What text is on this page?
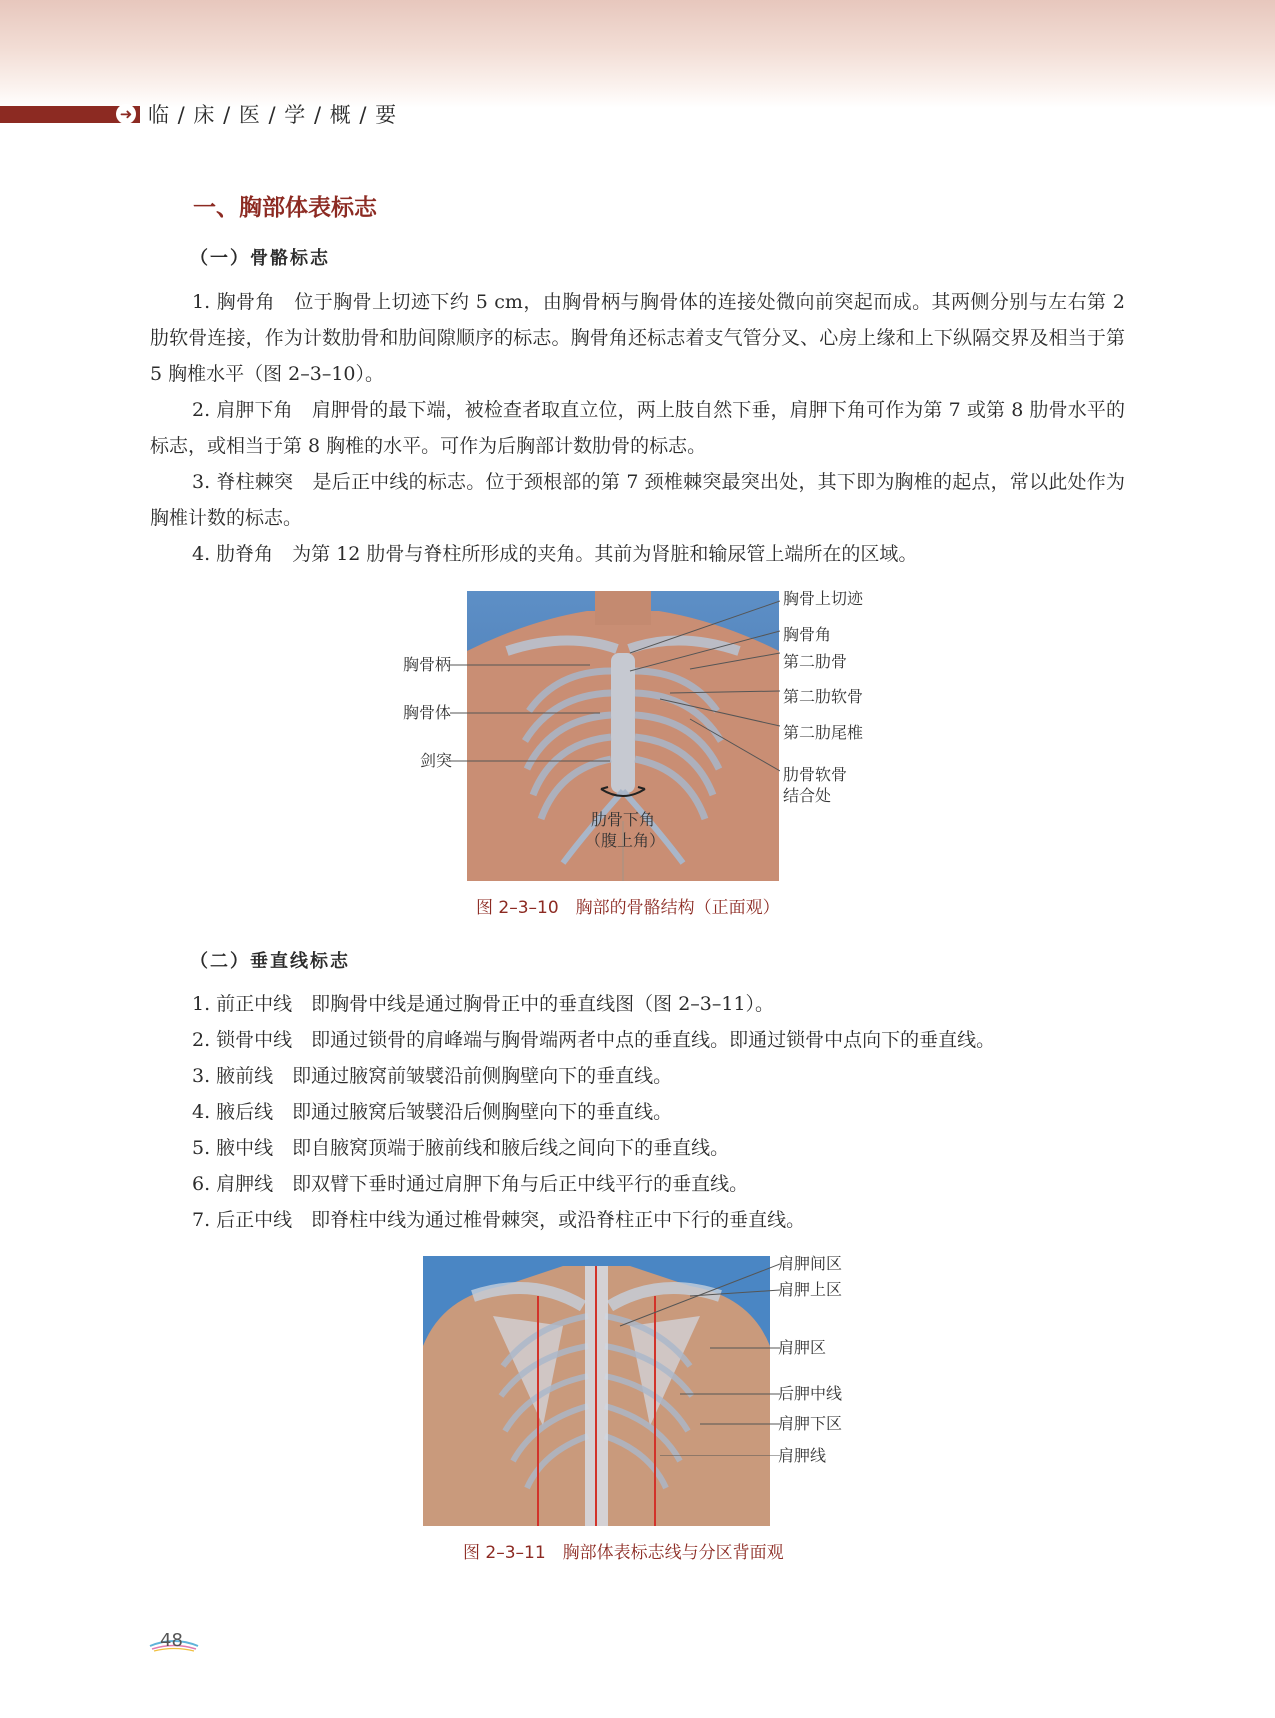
➜ 临 / 床 / 医 / 学 / 概 / 要
一、胸部体表标志
（一）骨骼标志

1. 胸骨角　位于胸骨上切迹下约 5 cm，由胸骨柄与胸骨体的连接处微向前突起而成。其两侧分别与左右第 2 肋软骨连接，作为计数肋骨和肋间隙顺序的标志。胸骨角还标志着支气管分叉、心房上缘和上下纵隔交界及相当于第 5 胸椎水平（图 2–3–10）。

2. 肩胛下角　肩胛骨的最下端，被检查者取直立位，两上肢自然下垂，肩胛下角可作为第 7 或第 8 肋骨水平的标志，或相当于第 8 胸椎的水平。可作为后胸部计数肋骨的标志。

3. 脊柱棘突　是后正中线的标志。位于颈根部的第 7 颈椎棘突最突出处，其下即为胸椎的起点，常以此处作为胸椎计数的标志。

4. 肋脊角　为第 12 肋骨与脊柱所形成的夹角。其前为肾脏和输尿管上端所在的区域。

胸骨柄
胸骨体
剑突
胸骨上切迹
胸骨角
第二肋骨
第二肋软骨
第二肋尾椎
肋骨软骨
结合处
肋骨下角
（腹上角）
图 2–3–10　胸部的骨骼结构（正面观）
（二）垂直线标志
1. 前正中线　即胸骨中线是通过胸骨正中的垂直线图（图 2–3–11）。
2. 锁骨中线　即通过锁骨的肩峰端与胸骨端两者中点的垂直线。即通过锁骨中点向下的垂直线。
3. 腋前线　即通过腋窝前皱襞沿前侧胸壁向下的垂直线。
4. 腋后线　即通过腋窝后皱襞沿后侧胸壁向下的垂直线。
5. 腋中线　即自腋窝顶端于腋前线和腋后线之间向下的垂直线。
6. 肩胛线　即双臂下垂时通过肩胛下角与后正中线平行的垂直线。
7. 后正中线　即脊柱中线为通过椎骨棘突，或沿脊柱正中下行的垂直线。
肩胛间区
肩胛上区
肩胛区
后胛中线
肩胛下区
肩胛线
图 2–3–11　胸部体表标志线与分区背面观
48
